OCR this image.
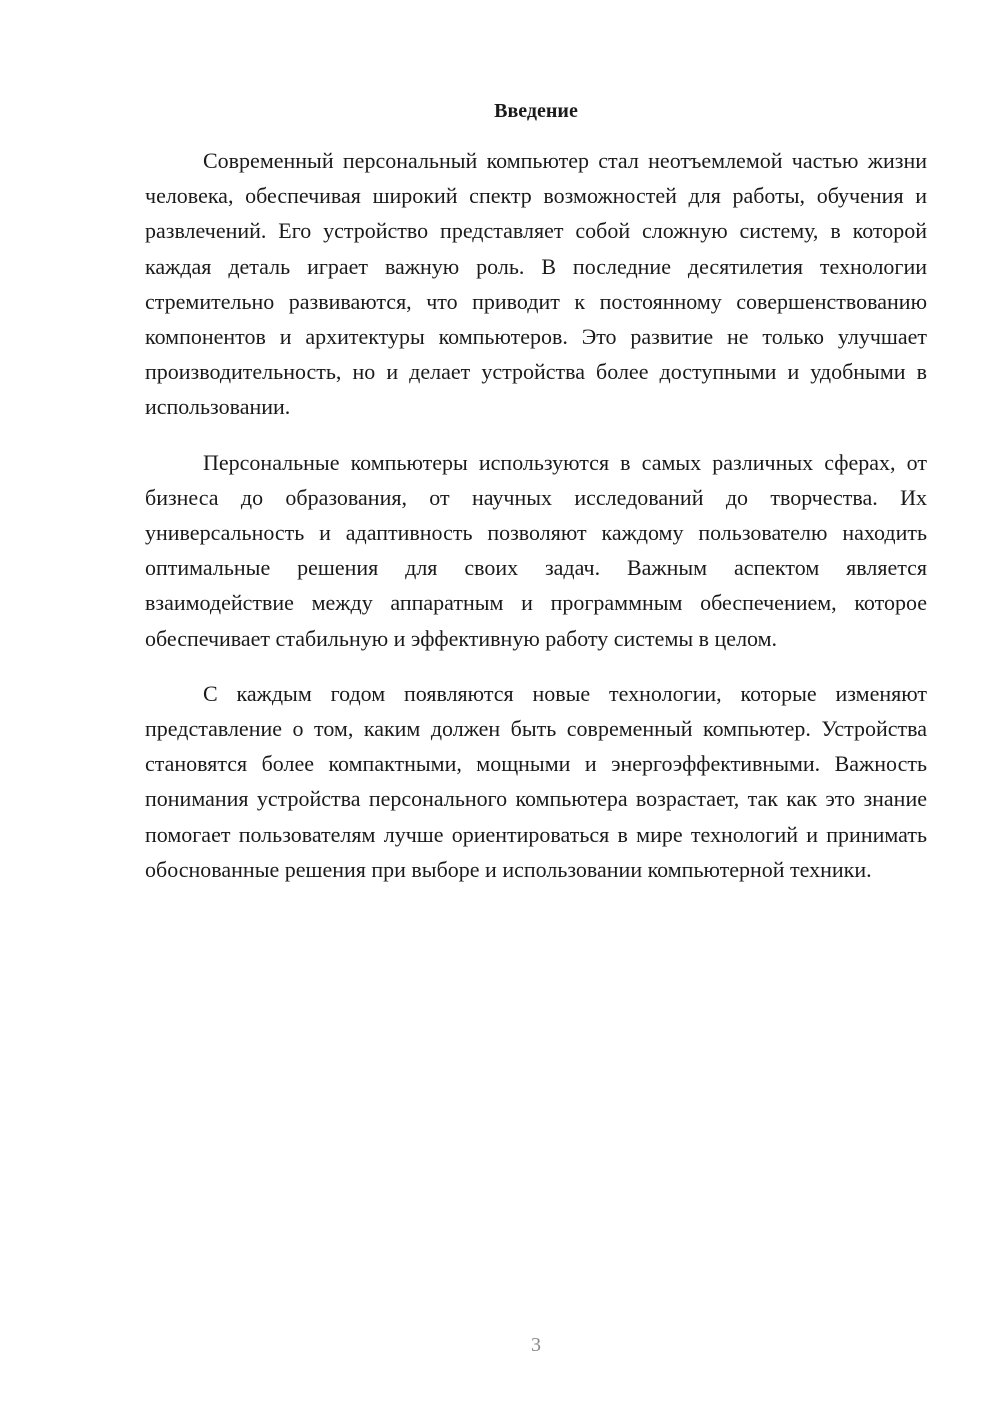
Введение

Современный персональный компьютер стал неотъемлемой частью жизни человека, обеспечивая широкий спектр возможностей для работы, обучения и развлечений. Его устройство представляет собой сложную систему, в которой каждая деталь играет важную роль. В последние десятилетия технологии стремительно развиваются, что приводит к постоянному совершенствованию компонентов и архитектуры компьютеров. Это развитие не только улучшает производительность, но и делает устройства более доступными и удобными в использовании.

Персональные компьютеры используются в самых различных сферах, от бизнеса до образования, от научных исследований до творчества. Их универсальность и адаптивность позволяют каждому пользователю находить оптимальные решения для своих задач. Важным аспектом является взаимодействие между аппаратным и программным обеспечением, которое обеспечивает стабильную и эффективную работу системы в целом.

С каждым годом появляются новые технологии, которые изменяют представление о том, каким должен быть современный компьютер. Устройства становятся более компактными, мощными и энергоэффективными. Важность понимания устройства персонального компьютера возрастает, так как это знание помогает пользователям лучше ориентироваться в мире технологий и принимать обоснованные решения при выборе и использовании компьютерной техники.

3
